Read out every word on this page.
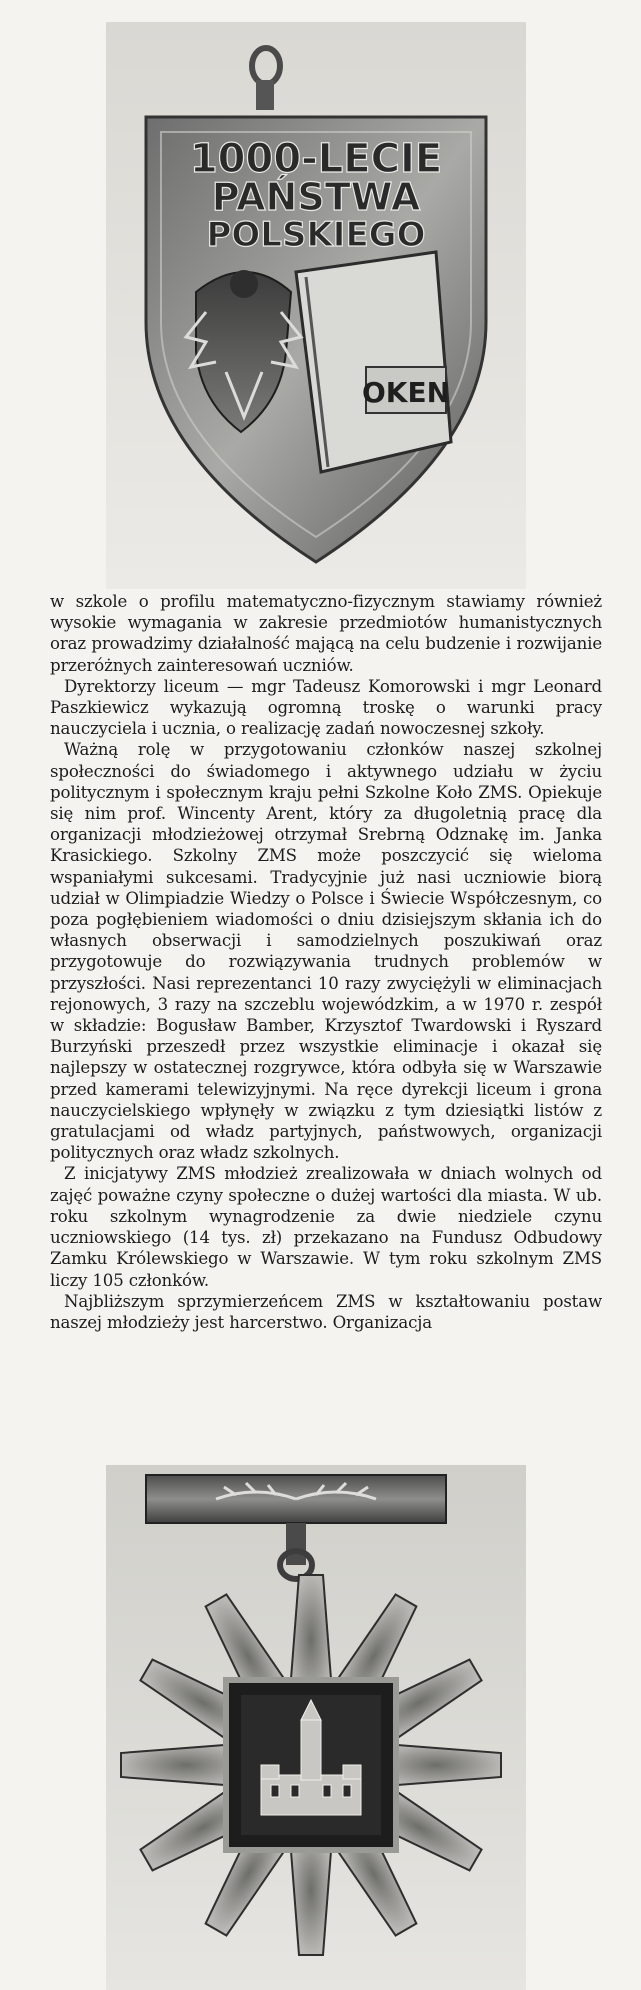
1000-LECIE
PAŃSTWA
POLSKIEGO
OKEN

w szkole o profilu matematyczno-fizycznym stawiamy również wysokie wymagania w zakresie przedmiotów humanistycznych oraz prowadzimy działalność mającą na celu budzenie i rozwijanie przeróżnych zainteresowań uczniów.

Dyrektorzy liceum — mgr Tadeusz Komorowski i mgr Leonard Paszkiewicz wykazują ogromną troskę o warunki pracy nauczyciela i ucznia, o realizację zadań nowoczesnej szkoły.

Ważną rolę w przygotowaniu członków naszej szkolnej społeczności do świadomego i aktywnego udziału w życiu politycznym i społecznym kraju pełni Szkolne Koło ZMS. Opiekuje się nim prof. Wincenty Arent, który za długoletnią pracę dla organizacji młodzieżowej otrzymał Srebrną Odznakę im. Janka Krasickiego. Szkolny ZMS może poszczycić się wieloma wspaniałymi sukcesami. Tradycyjnie już nasi uczniowie biorą udział w Olimpiadzie Wiedzy o Polsce i Świecie Współczesnym, co poza pogłębieniem wiadomości o dniu dzisiejszym skłania ich do własnych obserwacji i samodzielnych poszukiwań oraz przygotowuje do rozwiązywania trudnych problemów w przyszłości. Nasi reprezentanci 10 razy zwyciężyli w eliminacjach rejonowych, 3 razy na szczeblu wojewódzkim, a w 1970 r. zespół w składzie: Bogusław Bamber, Krzysztof Twardowski i Ryszard Burzyński przeszedł przez wszystkie eliminacje i okazał się najlepszy w ostatecznej rozgrywce, która odbyła się w Warszawie przed kamerami telewizyjnymi. Na ręce dyrekcji liceum i grona nauczycielskiego wpłynęły w związku z tym dziesiątki listów z gratulacjami od władz partyjnych, państwowych, organizacji politycznych oraz władz szkolnych.

Z inicjatywy ZMS młodzież zrealizowała w dniach wolnych od zajęć poważne czyny społeczne o dużej wartości dla miasta. W ub. roku szkolnym wynagrodzenie za dwie niedziele czynu uczniowskiego (14 tys. zł) przekazano na Fundusz Odbudowy Zamku Królewskiego w Warszawie. W tym roku szkolnym ZMS liczy 105 członków.

Najbliższym sprzymierzeńcem ZMS w kształtowaniu postaw naszej młodzieży jest harcerstwo. Organizacja
